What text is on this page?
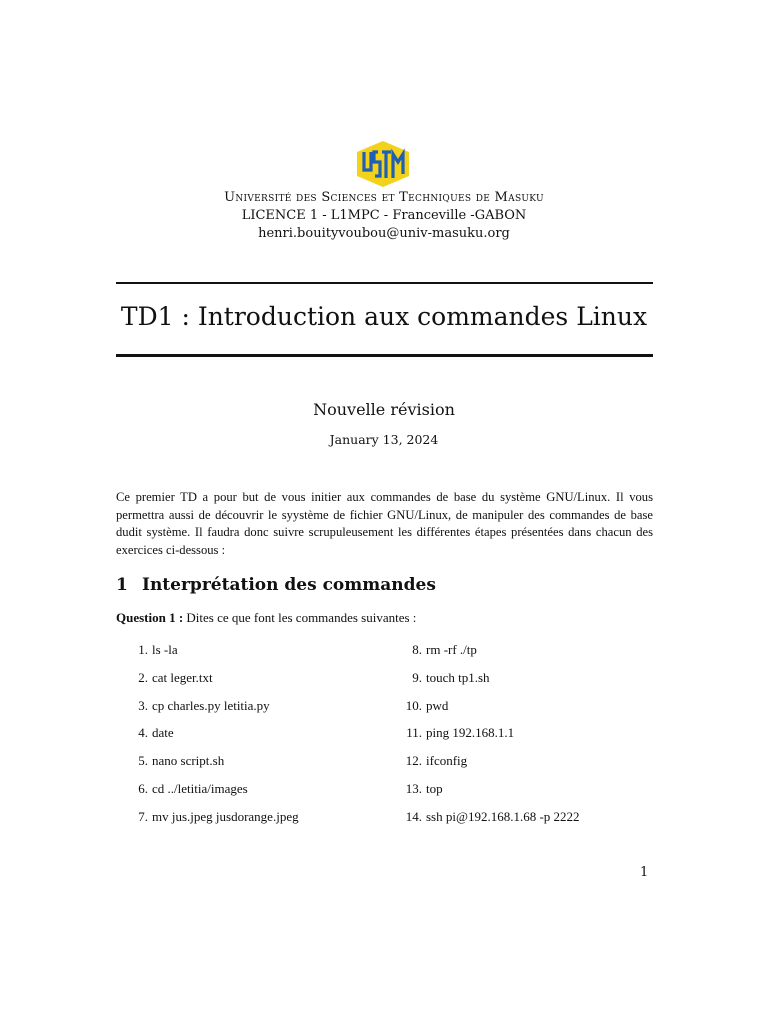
Université des Sciences et Techniques de Masuku
LICENCE 1 - L1MPC - Franceville -GABON
henri.bouityvoubou@univ-masuku.org
TD1 : Introduction aux commandes Linux
Nouvelle révision
January 13, 2024
Ce premier TD a pour but de vous initier aux commandes de base du système GNU/Linux. Il vous permettra aussi de découvrir le syystème de fichier GNU/Linux, de manipuler des commandes de base dudit système. Il faudra donc suivre scrupuleusement les différentes étapes présentées dans chacun des exercices ci-dessous :
1 Interprétation des commandes
Question 1 : Dites ce que font les commandes suivantes :
1. ls -la
2. cat leger.txt
3. cp charles.py letitia.py
4. date
5. nano script.sh
6. cd ../letitia/images
7. mv jus.jpeg jusdorange.jpeg
8. rm -rf ./tp
9. touch tp1.sh
10. pwd
11. ping 192.168.1.1
12. ifconfig
13. top
14. ssh pi@192.168.1.68 -p 2222
1
